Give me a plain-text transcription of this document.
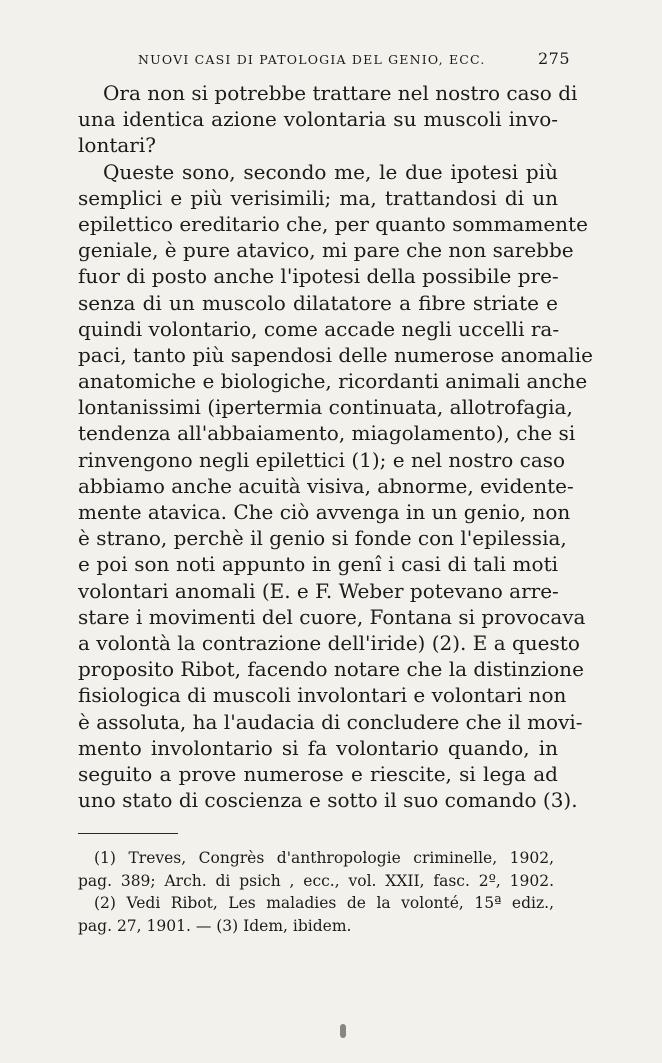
NUOVI CASI DI PATOLOGIA DEL GENIO, ECC.	275
Ora non si potrebbe trattare nel nostro caso di
una identica azione volontaria su muscoli invo-
lontari?
Queste sono, secondo me, le due ipotesi più
semplici e più verisimili; ma, trattandosi di un
epilettico ereditario che, per quanto sommamente
geniale, è pure atavico, mi pare che non sarebbe
fuor di posto anche l'ipotesi della possibile pre-
senza di un muscolo dilatatore a fibre striate e
quindi volontario, come accade negli uccelli ra-
paci, tanto più sapendosi delle numerose anomalie
anatomiche e biologiche, ricordanti animali anche
lontanissimi (ipertermia continuata, allotrofagia,
tendenza all'abbaiamento, miagolamento), che si
rinvengono negli epilettici (1); e nel nostro caso
abbiamo anche acuità visiva, abnorme, evidente-
mente atavica. Che ciò avvenga in un genio, non
è strano, perchè il genio si fonde con l'epilessia,
e poi son noti appunto in genî i casi di tali moti
volontari anomali (E. e F. Weber potevano arre-
stare i movimenti del cuore, Fontana si provocava
a volontà la contrazione dell'iride) (2). E a questo
proposito Ribot, facendo notare che la distinzione
fisiologica di muscoli involontari e volontari non
è assoluta, ha l'audacia di concludere che il movi-
mento involontario si fa volontario quando, in
seguito a prove numerose e riescite, si lega ad
uno stato di coscienza e sotto il suo comando (3).
(1) Treves, Congrès d'anthropologie criminelle, 1902,
pag. 389; Arch. di psich , ecc., vol. XXII, fasc. 2º, 1902.
(2) Vedi Ribot, Les maladies de la volonté, 15ª ediz.,
pag. 27, 1901. — (3) Idem, ibidem.
